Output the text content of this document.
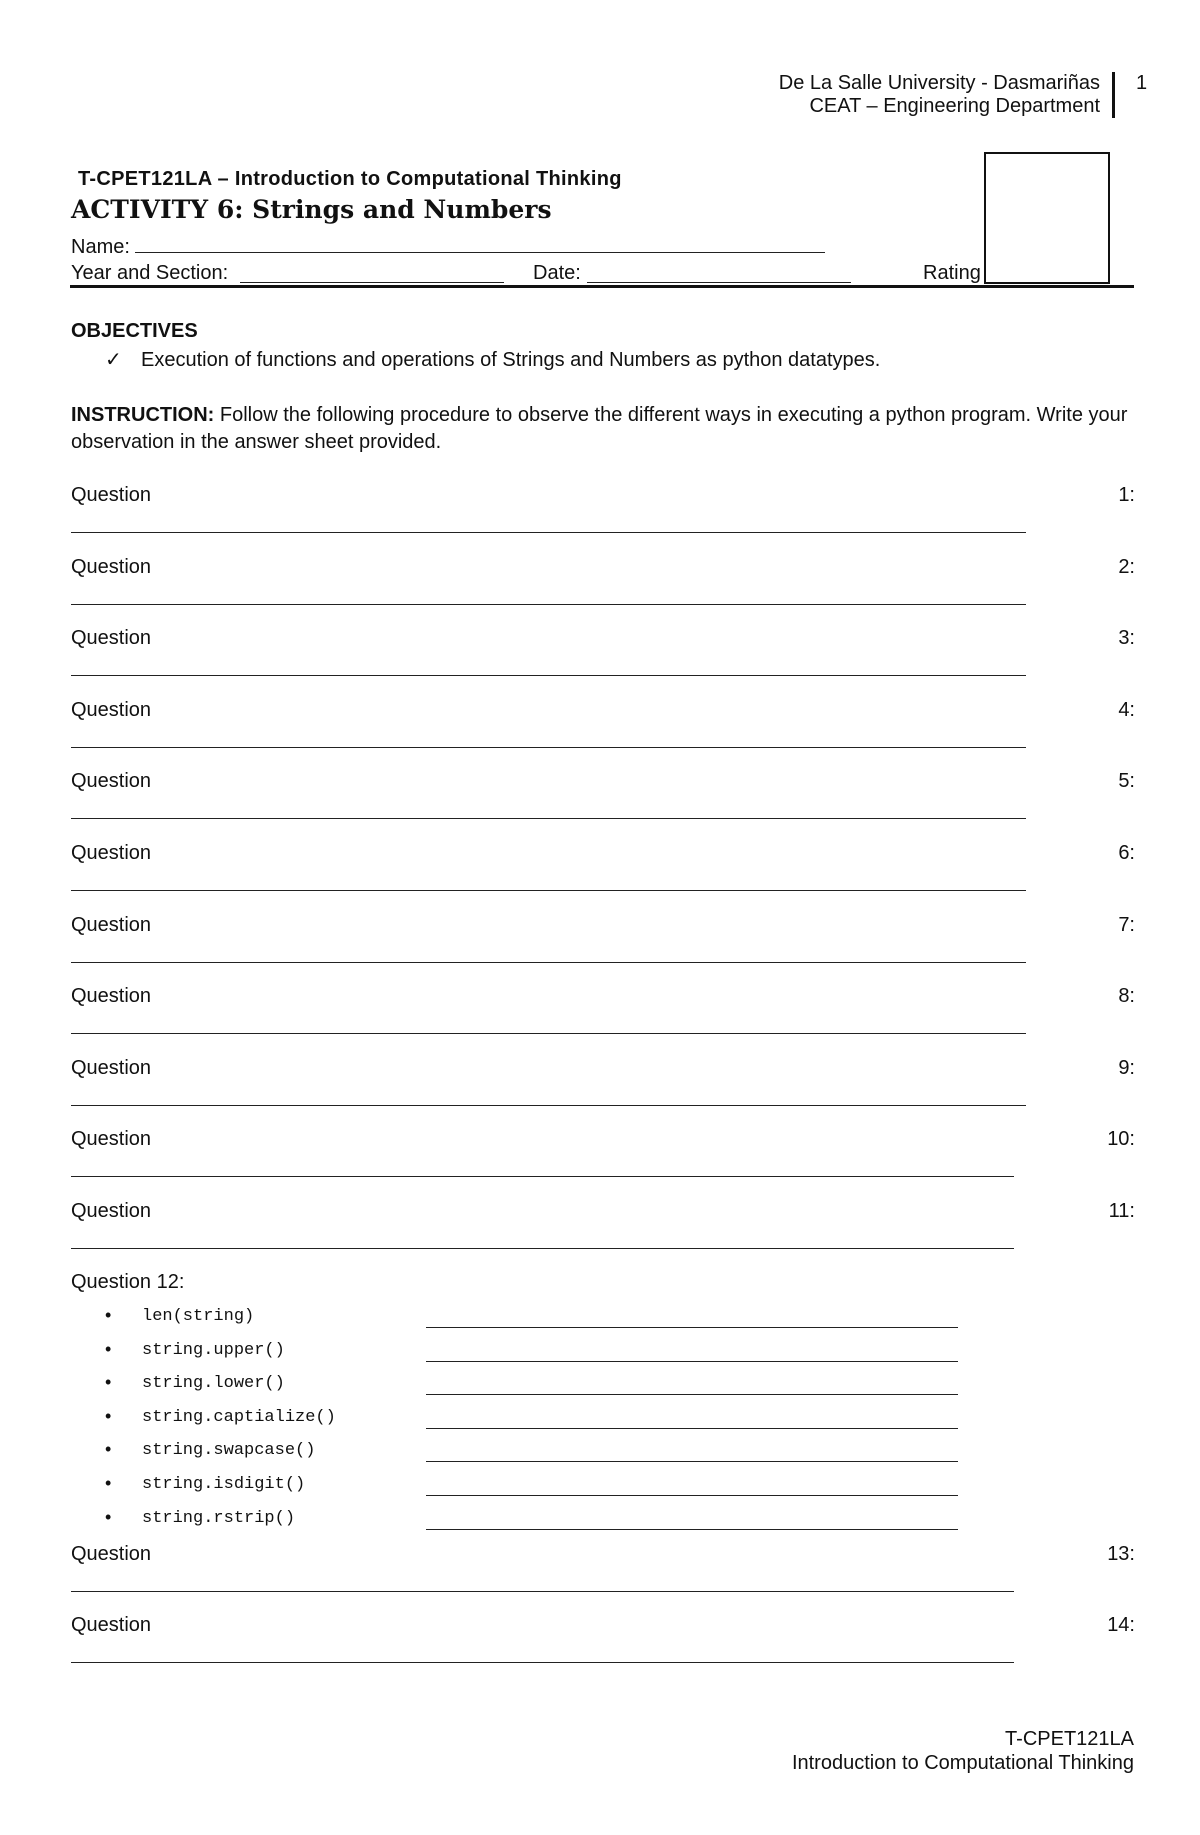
De La Salle University - Dasmariñas
CEAT – Engineering Department
1
T-CPET121LA – Introduction to Computational Thinking
ACTIVITY 6: Strings and Numbers
Name:
Year and Section:	Date:	Rating
OBJECTIVES
✓ Execution of functions and operations of Strings and Numbers as python datatypes.
INSTRUCTION: Follow the following procedure to observe the different ways in executing a python program. Write your observation in the answer sheet provided.
Question	1:
Question	2:
Question	3:
Question	4:
Question	5:
Question	6:
Question	7:
Question	8:
Question	9:
Question	10:
Question	11:
Question 12:
• len(string)
• string.upper()
• string.lower()
• string.captialize()
• string.swapcase()
• string.isdigit()
• string.rstrip()
Question	13:
Question	14:
T-CPET121LA
Introduction to Computational Thinking
